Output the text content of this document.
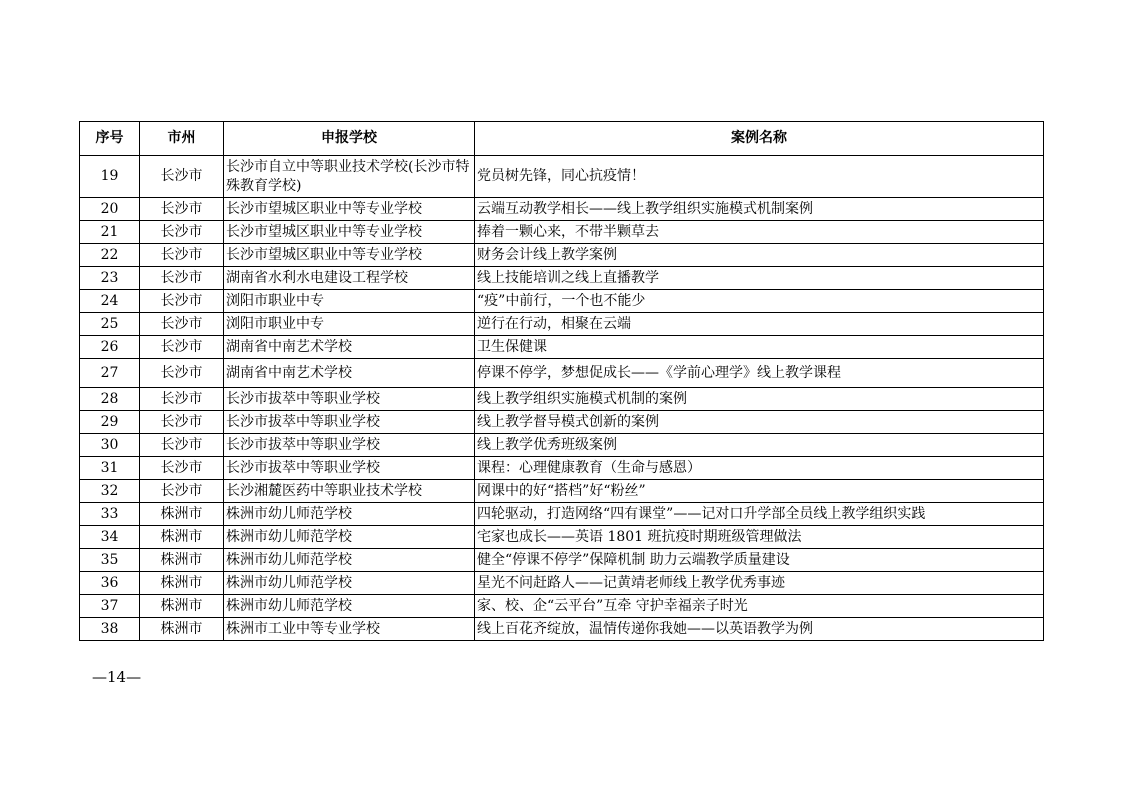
序号	市州	申报学校	案例名称
19	长沙市	长沙市自立中等职业技术学校(长沙市特殊教育学校)	党员树先锋，同心抗疫情！
20	长沙市	长沙市望城区职业中等专业学校	云端互动教学相长——线上教学组织实施模式机制案例
21	长沙市	长沙市望城区职业中等专业学校	捧着一颗心来，不带半颗草去
22	长沙市	长沙市望城区职业中等专业学校	财务会计线上教学案例
23	长沙市	湖南省水利水电建设工程学校	线上技能培训之线上直播教学
24	长沙市	浏阳市职业中专	“疫”中前行，一个也不能少
25	长沙市	浏阳市职业中专	逆行在行动，相聚在云端
26	长沙市	湖南省中南艺术学校	卫生保健课
27	长沙市	湖南省中南艺术学校	停课不停学，梦想促成长——《学前心理学》线上教学课程
28	长沙市	长沙市拔萃中等职业学校	线上教学组织实施模式机制的案例
29	长沙市	长沙市拔萃中等职业学校	线上教学督导模式创新的案例
30	长沙市	长沙市拔萃中等职业学校	线上教学优秀班级案例
31	长沙市	长沙市拔萃中等职业学校	课程：心理健康教育（生命与感恩）
32	长沙市	长沙湘麓医药中等职业技术学校	网课中的好“搭档”好“粉丝”
33	株洲市	株洲市幼儿师范学校	四轮驱动，打造网络“四有课堂”——记对口升学部全员线上教学组织实践
34	株洲市	株洲市幼儿师范学校	宅家也成长——英语 1801 班抗疫时期班级管理做法
35	株洲市	株洲市幼儿师范学校	健全“停课不停学”保障机制 助力云端教学质量建设
36	株洲市	株洲市幼儿师范学校	星光不问赶路人——记黄靖老师线上教学优秀事迹
37	株洲市	株洲市幼儿师范学校	家、校、企“云平台”互牵 守护幸福亲子时光
38	株洲市	株洲市工业中等专业学校	线上百花齐绽放，温情传递你我她——以英语教学为例
—14—
